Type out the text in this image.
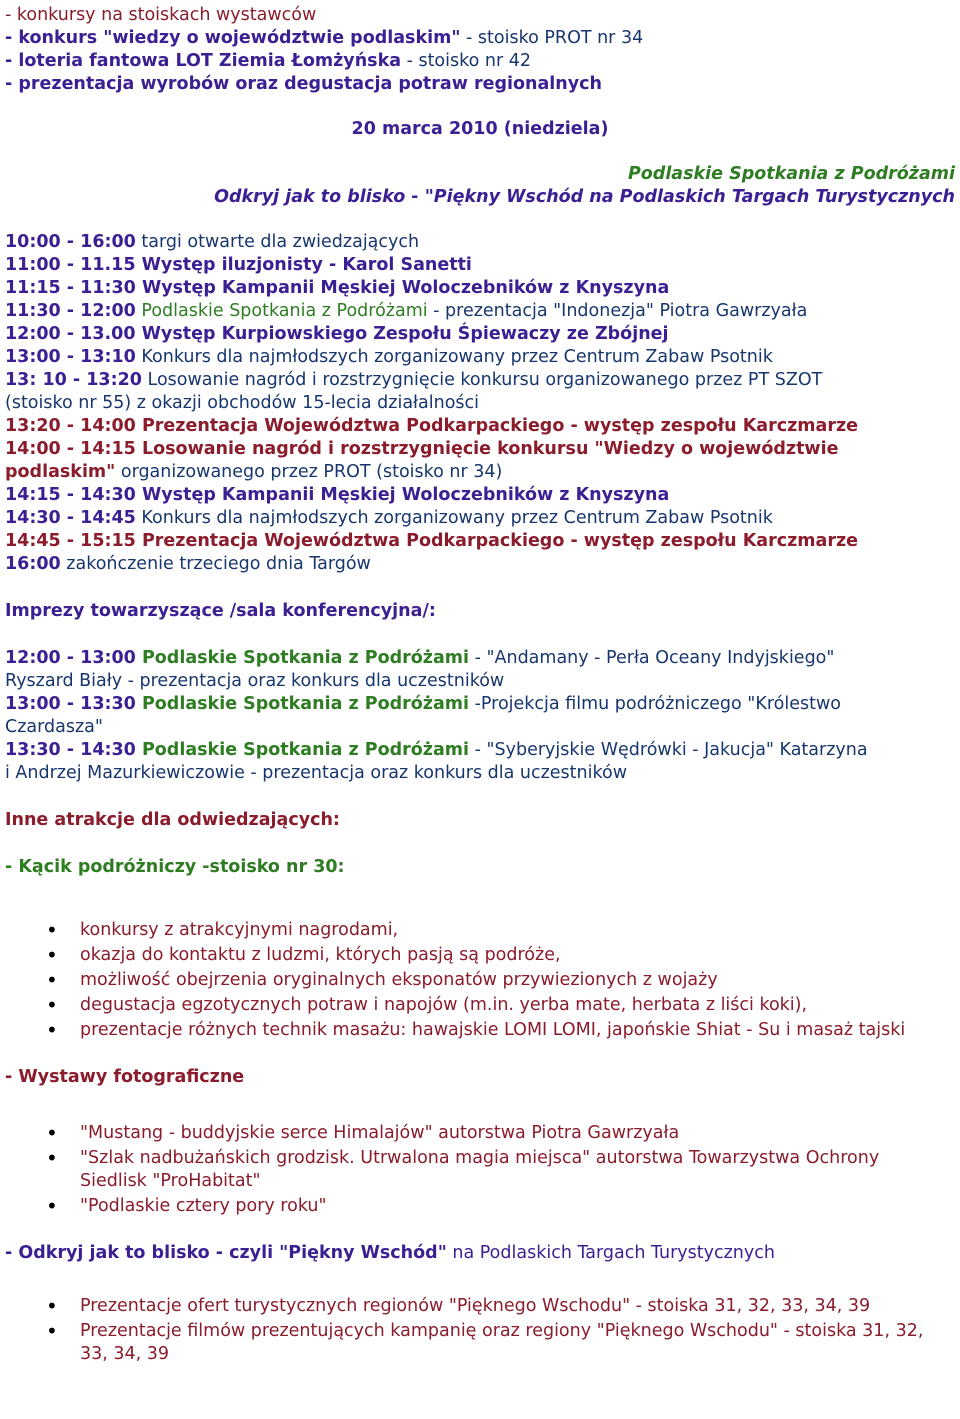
- konkursy na stoiskach wystawców
- konkurs "wiedzy o województwie podlaskim" - stoisko PROT nr 34
- loteria fantowa LOT Ziemia Łomżyńska - stoisko nr 42
- prezentacja wyrobów oraz degustacja potraw regionalnych
20 marca 2010 (niedziela)
Podlaskie Spotkania z Podróżami
Odkryj jak to blisko - "Piękny Wschód na Podlaskich Targach Turystycznych
10:00 - 16:00 targi otwarte dla zwiedzających
11:00 - 11.15 Występ iluzjonisty - Karol Sanetti
11:15 - 11:30 Występ Kampanii Męskiej Woloczebników z Knyszyna
11:30 - 12:00 Podlaskie Spotkania z Podróżami - prezentacja "Indonezja" Piotra Gawrzyała
12:00 - 13.00 Występ Kurpiowskiego Zespołu Śpiewaczy ze Zbójnej
13:00 - 13:10 Konkurs dla najmłodszych zorganizowany przez Centrum Zabaw Psotnik
13: 10 - 13:20 Losowanie nagród i rozstrzygnięcie konkursu organizowanego przez PT SZOT
(stoisko nr 55) z okazji obchodów 15-lecia działalności
13:20 - 14:00 Prezentacja Województwa Podkarpackiego - występ zespołu Karczmarze
14:00 - 14:15 Losowanie nagród i rozstrzygnięcie konkursu "Wiedzy o województwie
podlaskim" organizowanego przez PROT (stoisko nr 34)
14:15 - 14:30 Występ Kampanii Męskiej Woloczebników z Knyszyna
14:30 - 14:45 Konkurs dla najmłodszych zorganizowany przez Centrum Zabaw Psotnik
14:45 - 15:15 Prezentacja Województwa Podkarpackiego - występ zespołu Karczmarze
16:00 zakończenie trzeciego dnia Targów
Imprezy towarzyszące /sala konferencyjna/:
12:00 - 13:00 Podlaskie Spotkania z Podróżami - "Andamany - Perła Oceany Indyjskiego"
Ryszard Biały - prezentacja oraz konkurs dla uczestników
13:00 - 13:30 Podlaskie Spotkania z Podróżami -Projekcja filmu podróżniczego "Królestwo
Czardasza"
13:30 - 14:30 Podlaskie Spotkania z Podróżami - "Syberyjskie Wędrówki - Jakucja" Katarzyna
i Andrzej Mazurkiewiczowie - prezentacja oraz konkurs dla uczestników
Inne atrakcje dla odwiedzających:
- Kącik podróżniczy -stoisko nr 30:
• konkursy z atrakcyjnymi nagrodami,
• okazja do kontaktu z ludzmi, których pasją są podróże,
• możliwość obejrzenia oryginalnych eksponatów przywiezionych z wojaży
• degustacja egzotycznych potraw i napojów (m.in. yerba mate, herbata z liści koki),
• prezentacje różnych technik masażu: hawajskie LOMI LOMI, japońskie Shiat - Su i masaż tajski
- Wystawy fotograficzne
• "Mustang - buddyjskie serce Himalajów" autorstwa Piotra Gawrzyała
• "Szlak nadbużańskich grodzisk. Utrwalona magia miejsca" autorstwa Towarzystwa Ochrony Siedlisk "ProHabitat"
• "Podlaskie cztery pory roku"
- Odkryj jak to blisko - czyli "Piękny Wschód" na Podlaskich Targach Turystycznych
• Prezentacje ofert turystycznych regionów "Pięknego Wschodu" - stoiska 31, 32, 33, 34, 39
• Prezentacje filmów prezentujących kampanię oraz regiony "Pięknego Wschodu" - stoiska 31, 32, 33, 34, 39
